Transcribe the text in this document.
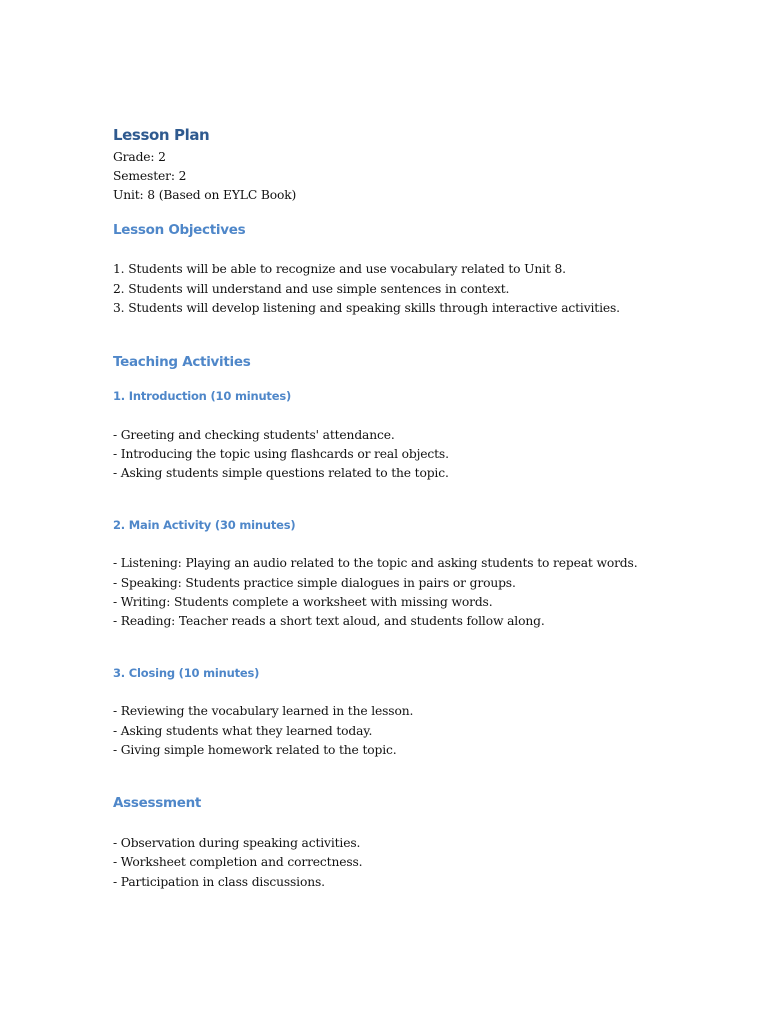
Lesson Plan
Grade: 2
Semester: 2
Unit: 8 (Based on EYLC Book)
Lesson Objectives
1. Students will be able to recognize and use vocabulary related to Unit 8.
2. Students will understand and use simple sentences in context.
3. Students will develop listening and speaking skills through interactive activities.
Teaching Activities
1. Introduction (10 minutes)
- Greeting and checking students' attendance.
- Introducing the topic using flashcards or real objects.
- Asking students simple questions related to the topic.
2. Main Activity (30 minutes)
- Listening: Playing an audio related to the topic and asking students to repeat words.
- Speaking: Students practice simple dialogues in pairs or groups.
- Writing: Students complete a worksheet with missing words.
- Reading: Teacher reads a short text aloud, and students follow along.
3. Closing (10 minutes)
- Reviewing the vocabulary learned in the lesson.
- Asking students what they learned today.
- Giving simple homework related to the topic.
Assessment
- Observation during speaking activities.
- Worksheet completion and correctness.
- Participation in class discussions.
